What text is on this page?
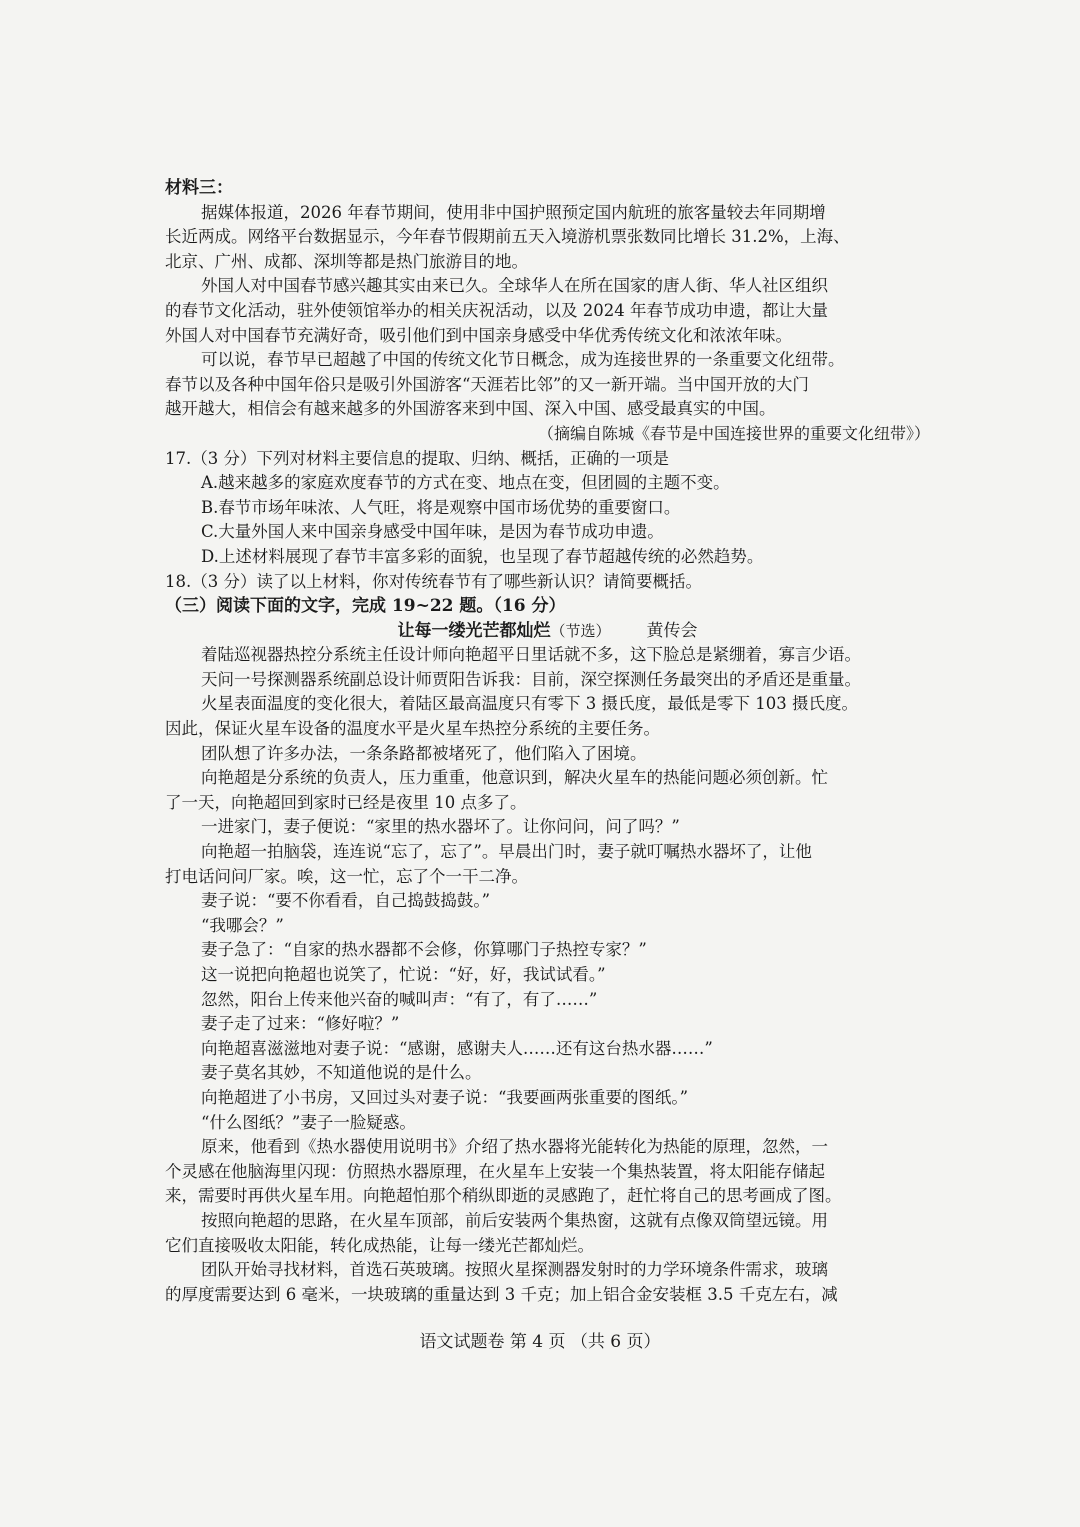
材料三：
据媒体报道，2026 年春节期间，使用非中国护照预定国内航班的旅客量较去年同期增
长近两成。网络平台数据显示，今年春节假期前五天入境游机票张数同比增长 31.2%，上海、
北京、广州、成都、深圳等都是热门旅游目的地。
外国人对中国春节感兴趣其实由来已久。全球华人在所在国家的唐人街、华人社区组织
的春节文化活动，驻外使领馆举办的相关庆祝活动，以及 2024 年春节成功申遗，都让大量
外国人对中国春节充满好奇，吸引他们到中国亲身感受中华优秀传统文化和浓浓年味。
可以说，春节早已超越了中国的传统文化节日概念，成为连接世界的一条重要文化纽带。
春节以及各种中国年俗只是吸引外国游客“天涯若比邻”的又一新开端。当中国开放的大门
越开越大，相信会有越来越多的外国游客来到中国、深入中国、感受最真实的中国。
（摘编自陈城《春节是中国连接世界的重要文化纽带》）
17.（3 分）下列对材料主要信息的提取、归纳、概括，正确的一项是
A.越来越多的家庭欢度春节的方式在变、地点在变，但团圆的主题不变。
B.春节市场年味浓、人气旺，将是观察中国市场优势的重要窗口。
C.大量外国人来中国亲身感受中国年味，是因为春节成功申遗。
D.上述材料展现了春节丰富多彩的面貌，也呈现了春节超越传统的必然趋势。
18.（3 分）读了以上材料，你对传统春节有了哪些新认识？请简要概括。
（三）阅读下面的文字，完成 19~22 题。（16 分）
让每一缕光芒都灿烂（节选） 黄传会
着陆巡视器热控分系统主任设计师向艳超平日里话就不多，这下脸总是紧绷着，寡言少语。
天问一号探测器系统副总设计师贾阳告诉我：目前，深空探测任务最突出的矛盾还是重量。
火星表面温度的变化很大，着陆区最高温度只有零下 3 摄氏度，最低是零下 103 摄氏度。
因此，保证火星车设备的温度水平是火星车热控分系统的主要任务。
团队想了许多办法，一条条路都被堵死了，他们陷入了困境。
向艳超是分系统的负责人，压力重重，他意识到，解决火星车的热能问题必须创新。忙
了一天，向艳超回到家时已经是夜里 10 点多了。
一进家门，妻子便说：“家里的热水器坏了。让你问问，问了吗？”
向艳超一拍脑袋，连连说“忘了，忘了”。早晨出门时，妻子就叮嘱热水器坏了，让他
打电话问问厂家。唉，这一忙，忘了个一干二净。
妻子说：“要不你看看，自己捣鼓捣鼓。”
“我哪会？”
妻子急了：“自家的热水器都不会修，你算哪门子热控专家？”
这一说把向艳超也说笑了，忙说：“好，好，我试试看。”
忽然，阳台上传来他兴奋的喊叫声：“有了，有了……”
妻子走了过来：“修好啦？”
向艳超喜滋滋地对妻子说：“感谢，感谢夫人……还有这台热水器……”
妻子莫名其妙，不知道他说的是什么。
向艳超进了小书房，又回过头对妻子说：“我要画两张重要的图纸。”
“什么图纸？”妻子一脸疑惑。
原来，他看到《热水器使用说明书》介绍了热水器将光能转化为热能的原理，忽然，一
个灵感在他脑海里闪现：仿照热水器原理，在火星车上安装一个集热装置，将太阳能存储起
来，需要时再供火星车用。向艳超怕那个稍纵即逝的灵感跑了，赶忙将自己的思考画成了图。
按照向艳超的思路，在火星车顶部，前后安装两个集热窗，这就有点像双筒望远镜。用
它们直接吸收太阳能，转化成热能，让每一缕光芒都灿烂。
团队开始寻找材料，首选石英玻璃。按照火星探测器发射时的力学环境条件需求，玻璃
的厚度需要达到 6 毫米，一块玻璃的重量达到 3 千克；加上铝合金安装框 3.5 千克左右，减
语文试题卷 第 4 页 （共 6 页）
